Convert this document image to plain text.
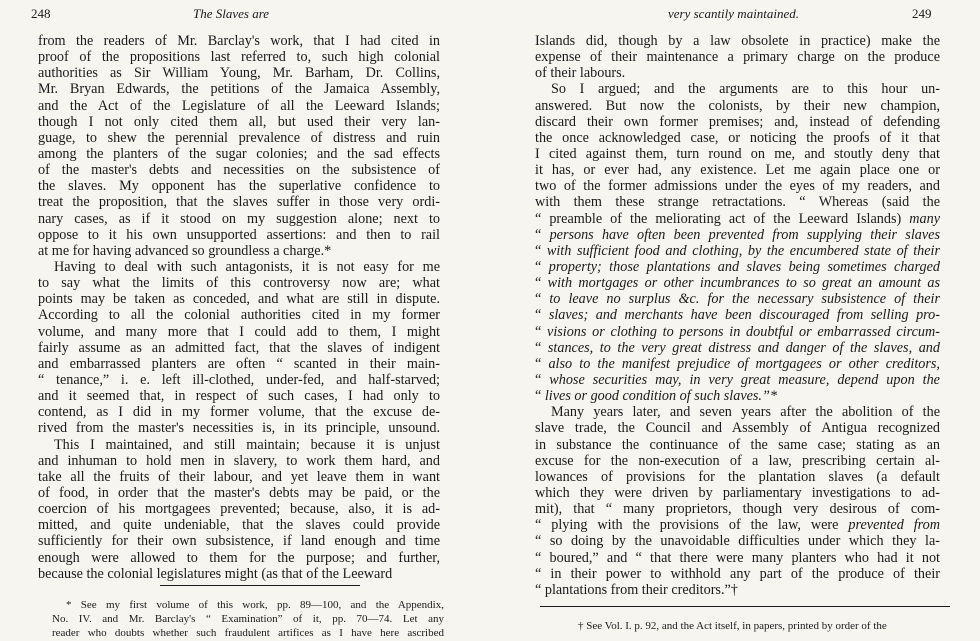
248	The Slaves are
from the readers of Mr. Barclay's work, that I had cited in
proof of the propositions last referred to, such high colonial
authorities as Sir William Young, Mr. Barham, Dr. Collins,
Mr. Bryan Edwards, the petitions of the Jamaica Assembly,
and the Act of the Legislature of all the Leeward Islands;
though I not only cited them all, but used their very lan-
guage, to shew the perennial prevalence of distress and ruin
among the planters of the sugar colonies; and the sad effects
of the master's debts and necessities on the subsistence of
the slaves. My opponent has the superlative confidence to
treat the proposition, that the slaves suffer in those very ordi-
nary cases, as if it stood on my suggestion alone; next to
oppose to it his own unsupported assertions: and then to rail
at me for having advanced so groundless a charge.*
Having to deal with such antagonists, it is not easy for me
to say what the limits of this controversy now are; what
points may be taken as conceded, and what are still in dispute.
According to all the colonial authorities cited in my former
volume, and many more that I could add to them, I might
fairly assume as an admitted fact, that the slaves of indigent
and embarrassed planters are often “ scanted in their main-
“ tenance,” i. e. left ill-clothed, under-fed, and half-starved;
and it seemed that, in respect of such cases, I had only to
contend, as I did in my former volume, that the excuse de-
rived from the master's necessities is, in its principle, unsound.
This I maintained, and still maintain; because it is unjust
and inhuman to hold men in slavery, to work them hard, and
take all the fruits of their labour, and yet leave them in want
of food, in order that the master's debts may be paid, or the
coercion of his mortgagees prevented; because, also, it is ad-
mitted, and quite undeniable, that the slaves could provide
sufficiently for their own subsistence, if land enough and time
enough were allowed to them for the purpose; and further,
because the colonial legislatures might (as that of the Leeward
* See my first volume of this work, pp. 89—100, and the Appendix,
No. IV. and Mr. Barclay's “ Examination” of it, pp. 70—74. Let any
reader who doubts whether such fraudulent artifices as I have here ascribed
very scantily maintained.	249
Islands did, though by a law obsolete in practice) make the
expense of their maintenance a primary charge on the produce
of their labours.
So I argued; and the arguments are to this hour un-
answered. But now the colonists, by their new champion,
discard their own former premises; and, instead of defending
the once acknowledged case, or noticing the proofs of it that
I cited against them, turn round on me, and stoutly deny that
it has, or ever had, any existence. Let me again place one or
two of the former admissions under the eyes of my readers, and
with them these strange retractations. “ Whereas (said the
“ preamble of the meliorating act of the Leeward Islands) many
“ persons have often been prevented from supplying their slaves
“ with sufficient food and clothing, by the encumbered state of their
“ property; those plantations and slaves being sometimes charged
“ with mortgages or other incumbrances to so great an amount as
“ to leave no surplus &c. for the necessary subsistence of their
“ slaves; and merchants have been discouraged from selling pro-
“ visions or clothing to persons in doubtful or embarrassed circum-
“ stances, to the very great distress and danger of the slaves, and
“ also to the manifest prejudice of mortgagees or other creditors,
“ whose securities may, in very great measure, depend upon the
“ lives or good condition of such slaves.”*
Many years later, and seven years after the abolition of the
slave trade, the Council and Assembly of Antigua recognized
in substance the continuance of the same case; stating as an
excuse for the non-execution of a law, prescribing certain al-
lowances of provisions for the plantation slaves (a default
which they were driven by parliamentary investigations to ad-
mit), that “ many proprietors, though very desirous of com-
“ plying with the provisions of the law, were prevented from
“ so doing by the unavoidable difficulties under which they la-
“ boured,” and “ that there were many planters who had it not
“ in their power to withhold any part of the produce of their
“ plantations from their creditors.”†
† See Vol. I. p. 92, and the Act itself, in papers, printed by order of the
